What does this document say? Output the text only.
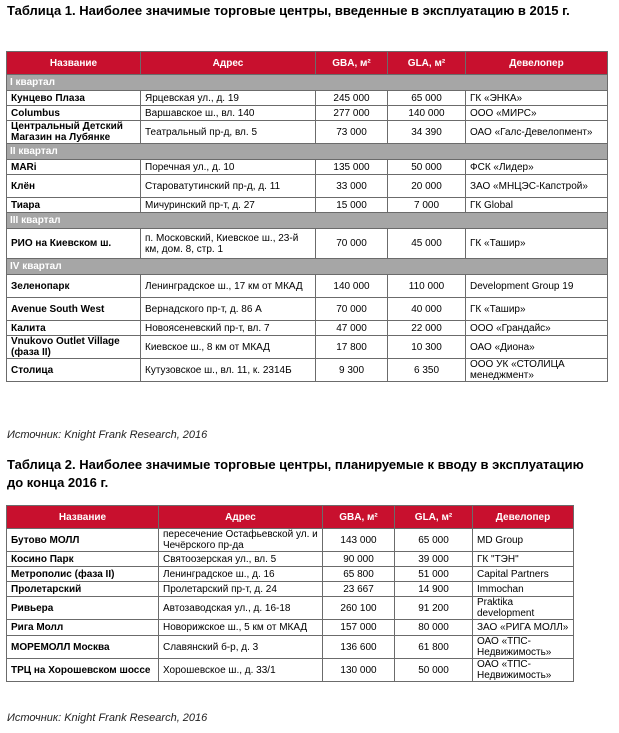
Таблица 1. Наиболее значимые торговые центры, введенные в эксплуатацию в 2015 г.
Название	Адрес	GBA, м²	GLA, м²	Девелопер
I квартал				
Кунцево Плаза	Ярцевская ул., д. 19	245 000	65 000	ГК «ЭНКА»
Columbus	Варшавское ш., вл. 140	277 000	140 000	ООО «МИРС»
Центральный Детский Магазин на Лубянке	Театральный пр-д, вл. 5	73 000	34 390	ОАО «Галс-Девелопмент»
II квартал				
MARi	Поречная ул., д. 10	135 000	50 000	ФСК «Лидер»
Клён	Староватутинский пр-д, д. 11	33 000	20 000	ЗАО «МНЦЭС-Капстрой»
Тиара	Мичуринский пр-т, д. 27	15 000	7 000	ГК Global
III квартал				
РИО на Киевском ш.	п. Московский, Киевское ш., 23-й км, дом. 8, стр. 1	70 000	45 000	ГК «Ташир»
IV квартал				
Зеленопарк	Ленинградское ш., 17 км от МКАД	140 000	110 000	Development Group 19
Avenue South West	Вернадского пр-т, д. 86 А	70 000	40 000	ГК «Ташир»
Калита	Новоясеневский пр-т, вл. 7	47 000	22 000	ООО «Грандайс»
Vnukovo Outlet Village (фаза II)	Киевское ш., 8 км от МКАД	17 800	10 300	ОАО «Диона»
Столица	Кутузовское ш., вл. 11, к. 2314Б	9 300	6 350	ООО УК «СТОЛИЦА менеджмент»
Источник: Knight Frank Research, 2016
Таблица 2. Наиболее значимые торговые центры, планируемые к вводу в эксплуатацию до конца 2016 г.
Название	Адрес	GBA, м²	GLA, м²	Девелопер
Бутово МОЛЛ	пересечение Остафьевской ул. и Чечёрского пр-да	143 000	65 000	MD Group
Косино Парк	Святоозерская ул., вл. 5	90 000	39 000	ГК "ТЭН"
Метрополис (фаза II)	Ленинградское ш., д. 16	65 800	51 000	Capital Partners
Пролетарский	Пролетарский пр-т, д. 24	23 667	14 900	Immochan
Ривьера	Автозаводская ул., д. 16-18	260 100	91 200	Praktika development
Рига Молл	Новорижское ш., 5 км от МКАД	157 000	80 000	ЗАО «РИГА МОЛЛ»
МОРЕМОЛЛ Москва	Славянский б-р, д. 3	136 600	61 800	ОАО «ТПС-Недвижимость»
ТРЦ на Хорошевском шоссе	Хорошевское ш., д. 33/1	130 000	50 000	ОАО «ТПС-Недвижимость»
Источник: Knight Frank Research, 2016
